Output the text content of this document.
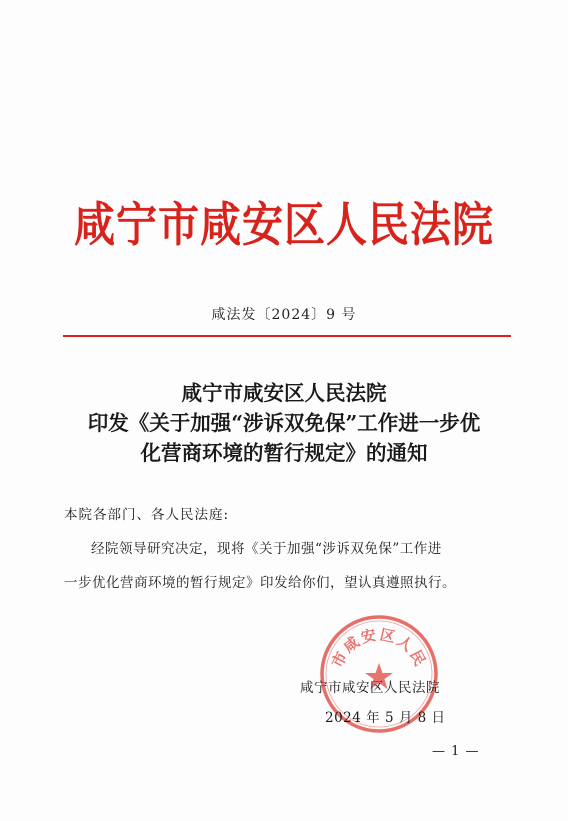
咸宁市咸安区人民法院
咸法发〔2024〕9 号
咸宁市咸安区人民法院
印发《关于加强“涉诉双免保”工作进一步优
化营商环境的暂行规定》的通知
本院各部门、各人民法庭:
经院领导研究决定，现将《关于加强“涉诉双免保”工作进
一步优化营商环境的暂行规定》印发给你们，望认真遵照执行。
市咸安区人民
咸宁市咸安区人民法院
2024 年 5 月 8 日
— 1 —
